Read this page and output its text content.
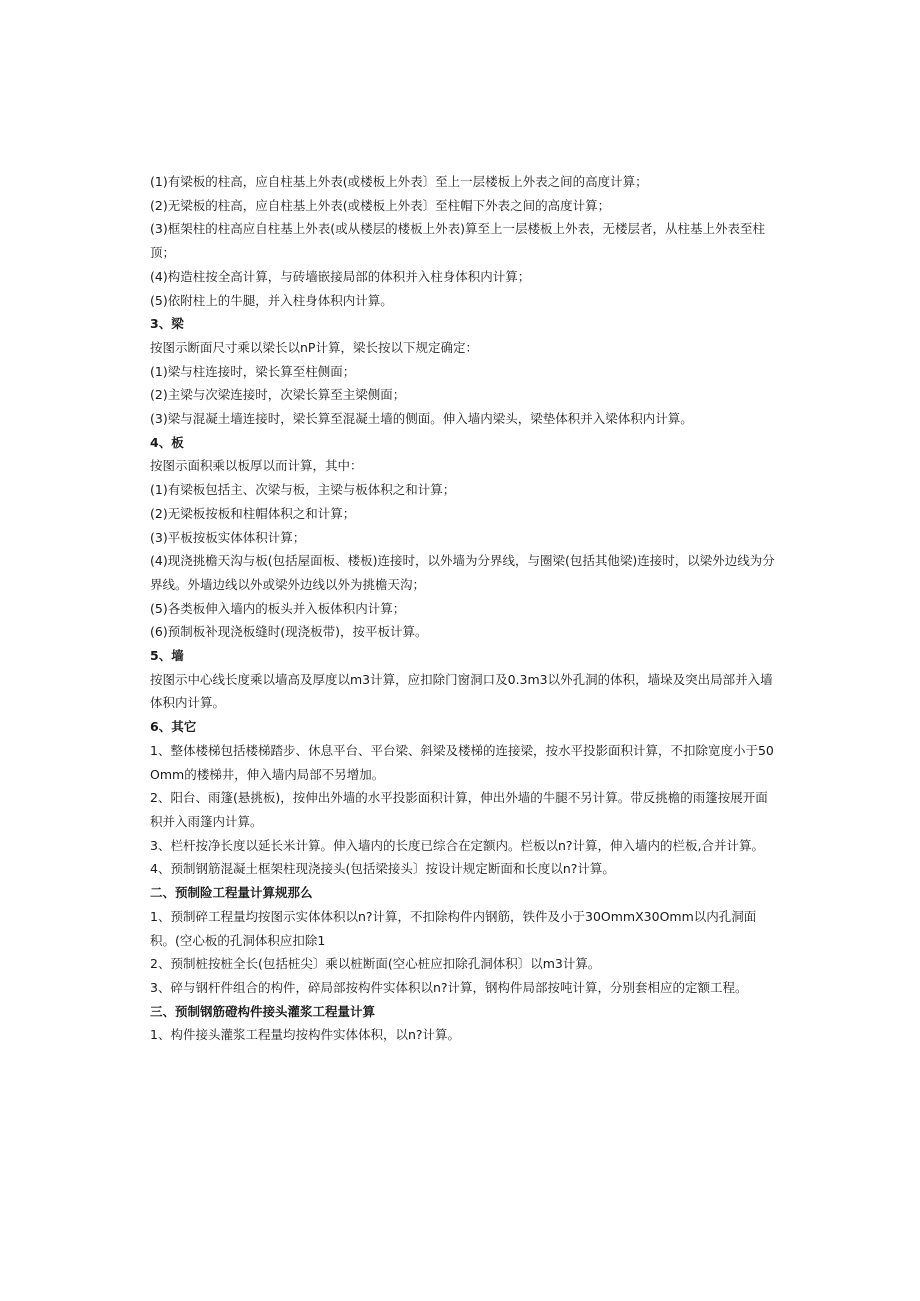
(1)有梁板的柱高，应自柱基上外表(或楼板上外表〕至上一层楼板上外表之间的高度计算；

(2)无梁板的柱高，应自柱基上外表(或楼板上外表〕至柱帽下外表之间的高度计算；

(3)框架柱的柱高应自柱基上外表(或从楼层的楼板上外表)算至上一层楼板上外表，无楼层者，从柱基上外表至柱顶；

(4)构造柱按全高计算，与砖墙嵌接局部的体积并入柱身体积内计算；

(5)依附柱上的牛腿，并入柱身体积内计算。

3、梁

按图示断面尺寸乘以梁长以nP计算，梁长按以下规定确定：

(1)梁与柱连接时，梁长算至柱侧面；

(2)主梁与次梁连接时，次梁长算至主梁侧面；

(3)梁与混凝土墙连接时，梁长算至混凝土墙的侧面。伸入墙内梁头，梁垫体积并入梁体积内计算。

4、板

按图示面积乘以板厚以而计算，其中：

(1)有梁板包括主、次梁与板，主梁与板体积之和计算；

(2)无梁板按板和柱帽体积之和计算；

(3)平板按板实体体积计算；

(4)现浇挑檐天沟与板(包括屋面板、楼板)连接时，以外墙为分界线，与圈梁(包括其他梁)连接时，以梁外边线为分界线。外墙边线以外或梁外边线以外为挑檐天沟；

(5)各类板伸入墙内的板头并入板体积内计算；

(6)预制板补现浇板缝时(现浇板带)，按平板计算。

5、墙

按图示中心线长度乘以墙高及厚度以m3计算，应扣除门窗洞口及0.3m3以外孔洞的体积，墙垛及突出局部并入墙体积内计算。

6、其它

1、整体楼梯包括楼梯踏步、休息平台、平台梁、斜梁及楼梯的连接梁，按水平投影面积计算，不扣除宽度小于50Omm的楼梯井，伸入墙内局部不另增加。

2、阳台、雨篷(悬挑板)，按伸出外墙的水平投影面积计算，伸出外墙的牛腿不另计算。带反挑檐的雨篷按展开面积并入雨篷内计算。

3、栏杆按净长度以延长米计算。伸入墙内的长度已综合在定额内。栏板以n?计算，伸入墙内的栏板,合并计算。

4、预制钢筋混凝土框架柱现浇接头(包括梁接头〕按设计规定断面和长度以n?计算。

二、预制险工程量计算规那么

1、预制碎工程量均按图示实体体积以n?计算，不扣除构件内钢筋，铁件及小于30OmmX30Omm以内孔洞面积。(空心板的孔洞体积应扣除1

2、预制桩按桩全长(包括桩尖〕乘以桩断面(空心桩应扣除孔洞体积〕以m3计算。

3、碎与钢杆件组合的构件，碎局部按构件实体积以n?计算，钢构件局部按吨计算，分别套相应的定额工程。

三、预制钢筋磴构件接头灌浆工程量计算

1、构件接头灌浆工程量均按构件实体体积，以n?计算。
